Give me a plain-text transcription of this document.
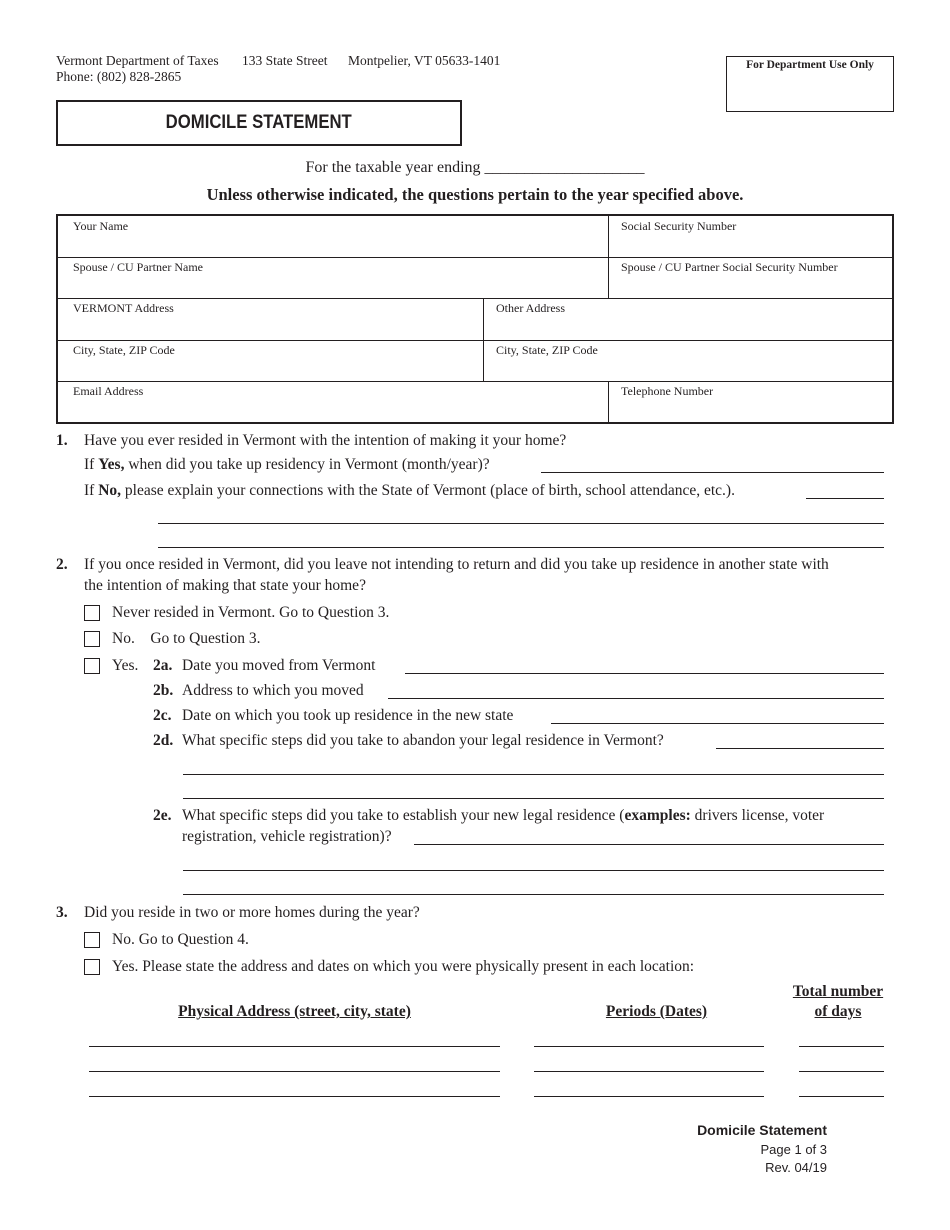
Vermont Department of Taxes 133 State Street Montpelier, VT 05633-1401
Phone: (802) 828-2865
For Department Use Only
DOMICILE STATEMENT
For the taxable year ending ____________________
Unless otherwise indicated, the questions pertain to the year specified above.
Your Name	Social Security Number
Spouse / CU Partner Name	Spouse / CU Partner Social Security Number
VERMONT Address	Other Address
City, State, ZIP Code	City, State, ZIP Code
Email Address	Telephone Number
1. Have you ever resided in Vermont with the intention of making it your home?
If Yes, when did you take up residency in Vermont (month/year)?
If No, please explain your connections with the State of Vermont (place of birth, school attendance, etc.).
2. If you once resided in Vermont, did you leave not intending to return and did you take up residence in another state with
the intention of making that state your home?
Never resided in Vermont. Go to Question 3.
No.    Go to Question 3.
Yes. 2a. Date you moved from Vermont
2b. Address to which you moved
2c. Date on which you took up residence in the new state
2d. What specific steps did you take to abandon your legal residence in Vermont?
2e. What specific steps did you take to establish your new legal residence (examples: drivers license, voter
registration, vehicle registration)?
3. Did you reside in two or more homes during the year?
No. Go to Question 4.
Yes. Please state the address and dates on which you were physically present in each location:
Physical Address (street, city, state)	Periods (Dates)
Total number
of days
Domicile Statement
Page 1 of 3
Rev. 04/19
